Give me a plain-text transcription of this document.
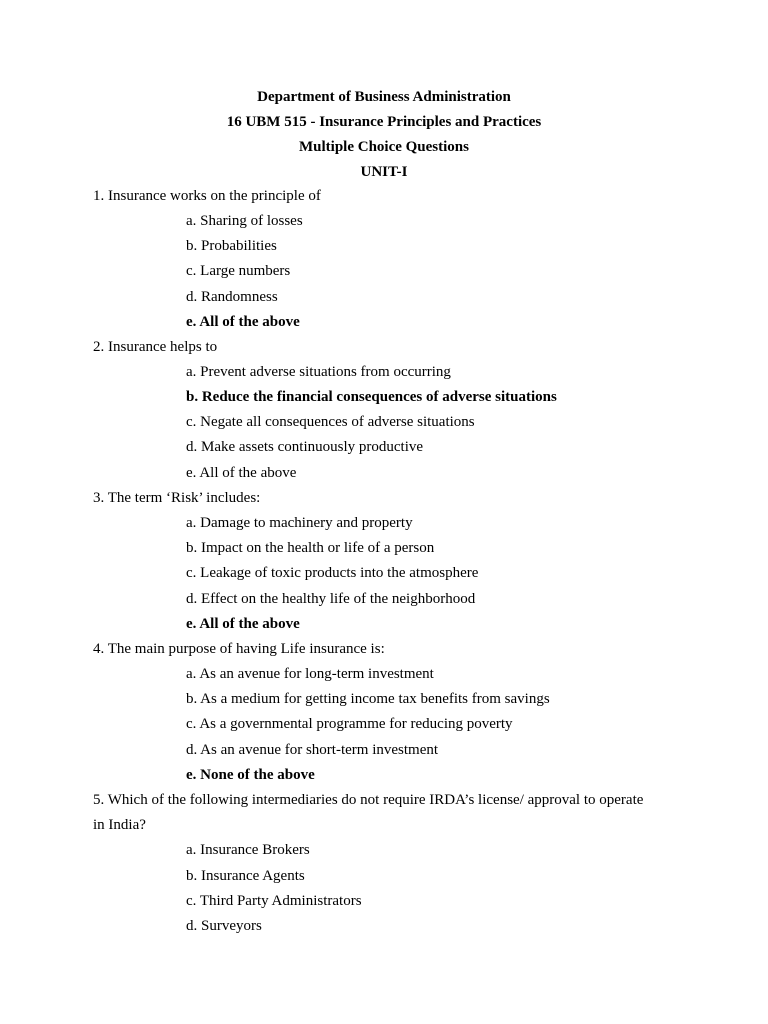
Department of Business Administration
16 UBM 515 - Insurance Principles and Practices
Multiple Choice Questions
UNIT-I
1. Insurance works on the principle of
a. Sharing of losses
b. Probabilities
c. Large numbers
d. Randomness
e. All of the above
2. Insurance helps to
a. Prevent adverse situations from occurring
b. Reduce the financial consequences of adverse situations
c. Negate all consequences of adverse situations
d. Make assets continuously productive
e. All of the above
3. The term ‘Risk’ includes:
a. Damage to machinery and property
b. Impact on the health or life of a person
c. Leakage of toxic products into the atmosphere
d. Effect on the healthy life of the neighborhood
e. All of the above
4. The main purpose of having Life insurance is:
a. As an avenue for long-term investment
b. As a medium for getting income tax benefits from savings
c. As a governmental programme for reducing poverty
d. As an avenue for short-term investment
e. None of the above
5. Which of the following intermediaries do not require IRDA’s license/ approval to operate
in India?
a. Insurance Brokers
b. Insurance Agents
c. Third Party Administrators
d. Surveyors
